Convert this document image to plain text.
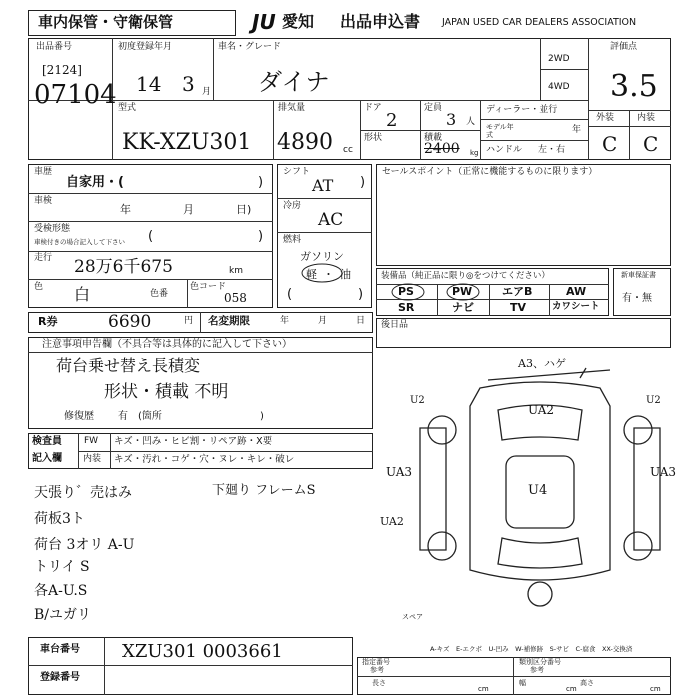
車内保管・守衛保管	JU 愛知 出品申込書 JAPAN USED CAR DEALERS ASSOCIATION
出品番号
[2124]
07104
初度登録年月
14 3 月
車名・グレード
ダイナ
2WD
4WD
評価点
3.5
型式
KK-XZU301
排気量
4890 cc
ドア
2
定員
3 人
形状	積載
2400 kg
ディーラー・並行
モデル年式	年
ハンドル 左・右
外装	内装
C C
車歴
自家用・(	)
車検
年	月	日)
受検形態
車検付きの場合記入して下さい (	)
走行 28万6千675	km
色 白	色番
色コード
058
シフト
AT )
冷房
AC
燃料
ガソリン
軽・油
(	)
セールスポイント（正常に機能するものに限ります）
装備品（純正品に限り◎をつけてください）
PS	PW	エアB	AW
SR	ナビ	TV	カワシート
新車保証書
有・無
後日品
R券	6690	円 名変期限	年	月	日
注意事項申告欄（不具合等は具体的に記入して下さい）
荷台乗せ替え長積変
形状・積載 不明
修復歴 有　(箇所	)
検査員
記入欄
FW キズ・凹み・ヒビ割・リペア跡・X要
内装 キズ・汚れ・コゲ・穴・ヌレ・キレ・破レ
天張り゛売はみ	下廻り フレームS
荷板3ト
荷台 3オリ A-U
トリイ S
各A-U.S
B/ユガリ
A3、ハゲ
UA2
U4
UA3	UA3
U2	U2
UA2
スペア
A-キズ　E-エクボ　U-凹み　W-補修跡　S-サビ　C-腐食　XX-交換済
車台番号 XZU301 0003661
登録番号
指定番号
参考
類別区分番号
参考
長さ
cm
幅
cm
高さ
cm
